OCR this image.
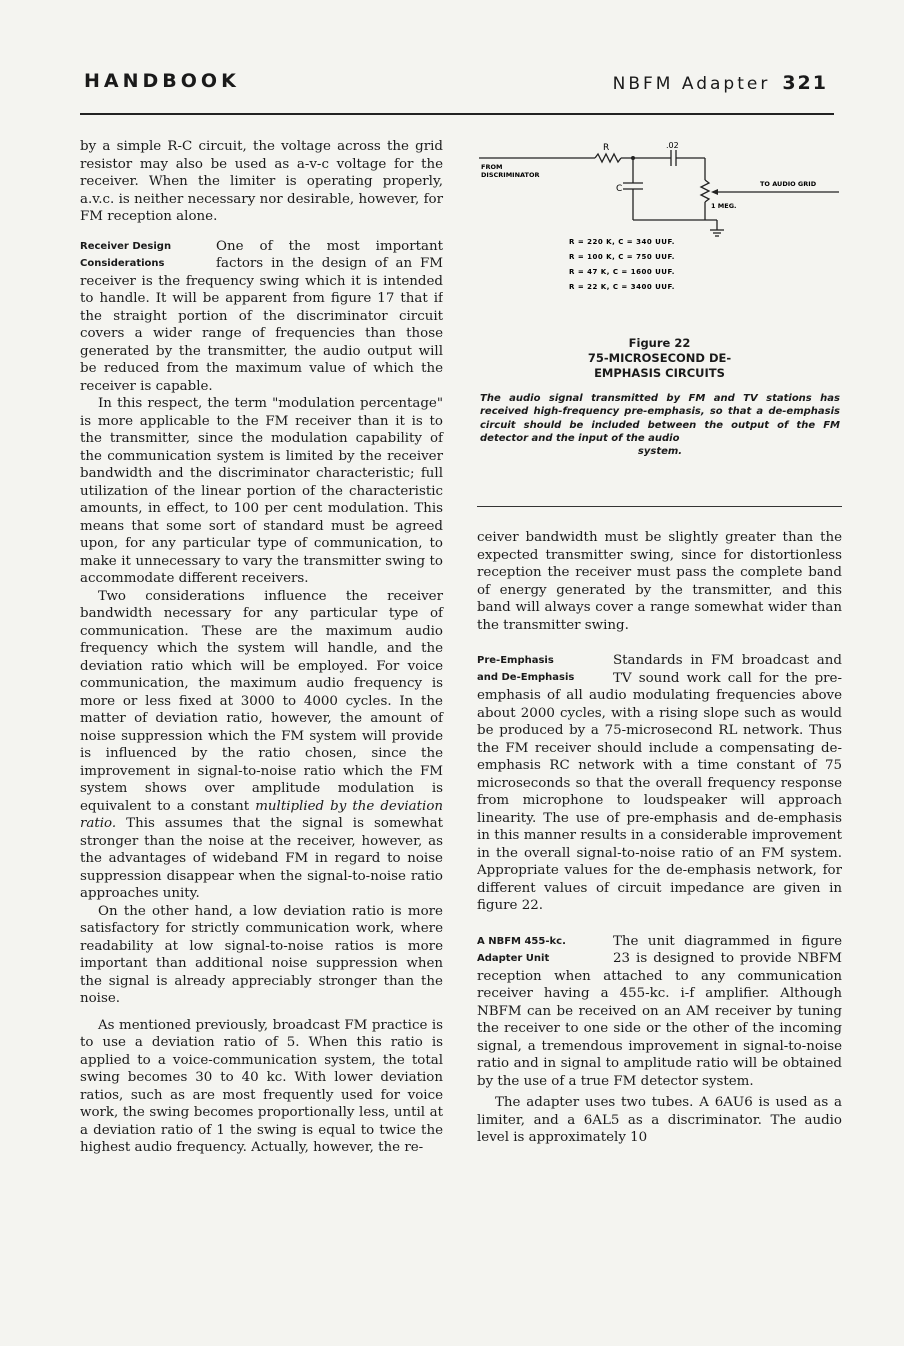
HANDBOOK	NBFM Adapter 321

by a simple R-C circuit, the voltage across the grid resistor may also be used as a-v-c voltage for the receiver. When the limiter is operating properly, a.v.c. is neither necessary nor desirable, however, for FM reception alone.

Receiver Design
Considerations

One of the most important factors in the design of an FM receiver is the frequency swing which it is intended to handle. It will be apparent from figure 17 that if the straight portion of the discriminator circuit covers a wider range of frequencies than those generated by the transmitter, the audio output will be reduced from the maximum value of which the receiver is capable.

In this respect, the term "modulation percentage" is more applicable to the FM receiver than it is to the transmitter, since the modulation capability of the communication system is limited by the receiver bandwidth and the discriminator characteristic; full utilization of the linear portion of the characteristic amounts, in effect, to 100 per cent modulation. This means that some sort of standard must be agreed upon, for any particular type of communication, to make it unnecessary to vary the transmitter swing to accommodate different receivers.

Two considerations influence the receiver bandwidth necessary for any particular type of communication. These are the maximum audio frequency which the system will handle, and the deviation ratio which will be employed. For voice communication, the maximum audio frequency is more or less fixed at 3000 to 4000 cycles. In the matter of deviation ratio, however, the amount of noise suppression which the FM system will provide is influenced by the ratio chosen, since the improvement in signal-to-noise ratio which the FM system shows over amplitude modulation is equivalent to a constant multiplied by the deviation ratio. This assumes that the signal is somewhat stronger than the noise at the receiver, however, as the advantages of wideband FM in regard to noise suppression disappear when the signal-to-noise ratio approaches unity.

On the other hand, a low deviation ratio is more satisfactory for strictly communication work, where readability at low signal-to-noise ratios is more important than additional noise suppression when the signal is already appreciably stronger than the noise.

As mentioned previously, broadcast FM practice is to use a deviation ratio of 5. When this ratio is applied to a voice-communication system, the total swing becomes 30 to 40 kc. With lower deviation ratios, such as are most frequently used for voice work, the swing becomes proportionally less, until at a deviation ratio of 1 the swing is equal to twice the highest audio frequency. Actually, however, the re-

R	.02
FROM
DISCRIMINATOR
C	TO AUDIO GRID
1 MEG.
R = 220 K, C = 340 UUF.
R = 100 K, C = 750 UUF.
R = 47 K, C = 1600 UUF.
R = 22 K, C = 3400 UUF.
Figure 22
75-MICROSECOND DE-EMPHASIS CIRCUITS
The audio signal transmitted by FM and TV stations has received high-frequency pre-emphasis, so that a de-emphasis circuit should be included between the output of the FM detector and the input of the audio
system.

ceiver bandwidth must be slightly greater than the expected transmitter swing, since for distortionless reception the receiver must pass the complete band of energy generated by the transmitter, and this band will always cover a range somewhat wider than the transmitter swing.

Pre-Emphasis
and De-Emphasis

Standards in FM broadcast and TV sound work call for the pre-emphasis of all audio modulating frequencies above about 2000 cycles, with a rising slope such as would be produced by a 75-microsecond RL network. Thus the FM receiver should include a compensating de-emphasis RC network with a time constant of 75 microseconds so that the overall frequency response from microphone to loudspeaker will approach linearity. The use of pre-emphasis and de-emphasis in this manner results in a considerable improvement in the overall signal-to-noise ratio of an FM system. Appropriate values for the de-emphasis network, for different values of circuit impedance are given in figure 22.

A NBFM 455-kc.
Adapter Unit

The unit diagrammed in figure 23 is designed to provide NBFM reception when attached to any communication receiver having a 455-kc. i-f amplifier. Although NBFM can be received on an AM receiver by tuning the receiver to one side or the other of the incoming signal, a tremendous improvement in signal-to-noise ratio and in signal to amplitude ratio will be obtained by the use of a true FM detector system.

The adapter uses two tubes. A 6AU6 is used as a limiter, and a 6AL5 as a discriminator. The audio level is approximately 10
